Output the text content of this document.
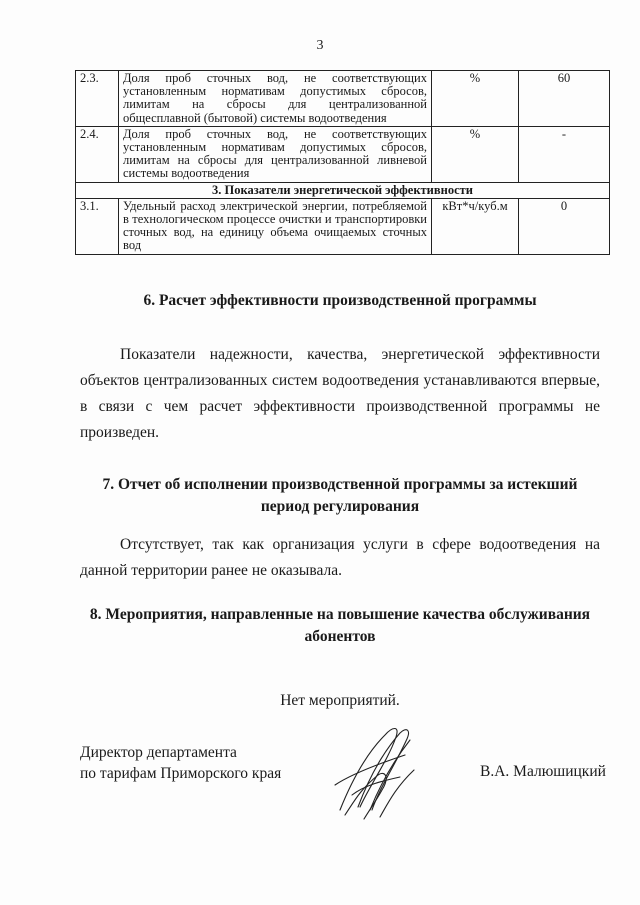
3
2.3.	Доля проб сточных вод, не соответствующих установленным нормативам допустимых сбросов, лимитам на сбросы для централизованной общесплавной (бытовой) системы водоотведения	%	60
2.4.	Доля проб сточных вод, не соответствующих установленным нормативам допустимых сбросов, лимитам на сбросы для централизованной ливневой системы водоотведения	%	-
3. Показатели энергетической эффективности			
3.1.	Удельный расход электрической энергии, потребляемой в технологическом процессе очистки и транспортировки сточных вод, на единицу объема очищаемых сточных вод	кВт*ч/куб.м	0
6. Расчет эффективности производственной программы
Показатели надежности, качества, энергетической эффективности объектов централизованных систем водоотведения устанавливаются впервые, в связи с чем расчет эффективности производственной программы не произведен.
7. Отчет об исполнении производственной программы за истекший период регулирования
Отсутствует, так как организация услуги в сфере водоотведения на данной территории ранее не оказывала.
8. Мероприятия, направленные на повышение качества обслуживания абонентов
Нет мероприятий.
Директор департамента
по тарифам Приморского края	В.А. Малюшицкий
